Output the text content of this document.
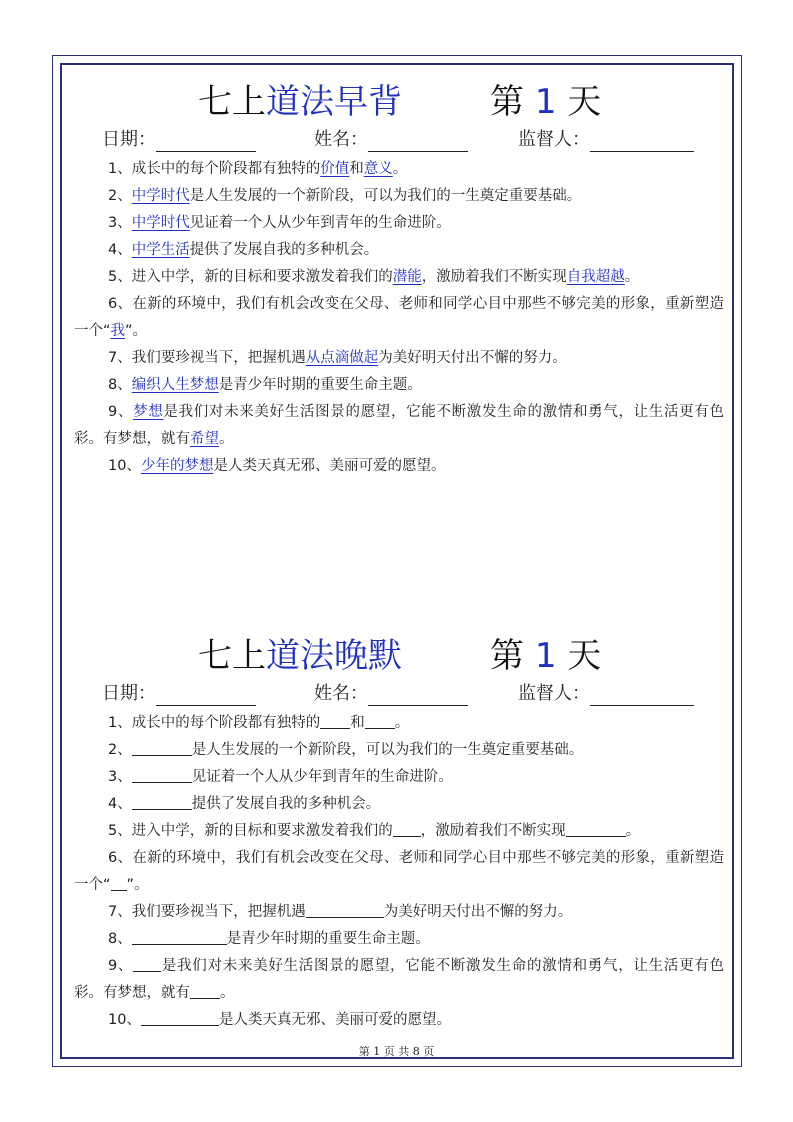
七上道法早背	第 1 天
日期：	姓名：	监督人：

1、成长中的每个阶段都有独特的价值和意义。

2、中学时代是人生发展的一个新阶段，可以为我们的一生奠定重要基础。

3、中学时代见证着一个人从少年到青年的生命进阶。

4、中学生活提供了发展自我的多种机会。

5、进入中学，新的目标和要求激发着我们的潜能，激励着我们不断实现自我超越。

6、在新的环境中，我们有机会改变在父母、老师和同学心目中那些不够完美的形象，重新塑造一个“我”。

7、我们要珍视当下，把握机遇从点滴做起为美好明天付出不懈的努力。

8、编织人生梦想是青少年时期的重要生命主题。

9、梦想是我们对未来美好生活图景的愿望，它能不断激发生命的激情和勇气，让生活更有色彩。有梦想，就有希望。

10、少年的梦想是人类天真无邪、美丽可爱的愿望。

七上道法晚默	第 1 天
日期：	姓名：	监督人：

1、成长中的每个阶段都有独特的 和 。

2、	是人生发展的一个新阶段，可以为我们的一生奠定重要基础。

3、	见证着一个人从少年到青年的生命进阶。

4、	提供了发展自我的多种机会。

5、进入中学，新的目标和要求激发着我们的 ，激励着我们不断实现	。

6、在新的环境中，我们有机会改变在父母、老师和同学心目中那些不够完美的形象，重新塑造一个“ ”。

7、我们要珍视当下，把握机遇	为美好明天付出不懈的努力。

8、	是青少年时期的重要生命主题。

9、 是我们对未来美好生活图景的愿望，它能不断激发生命的激情和勇气，让生活更有色彩。有梦想，就有 。

10、	是人类天真无邪、美丽可爱的愿望。

第 1 页 共 8 页
